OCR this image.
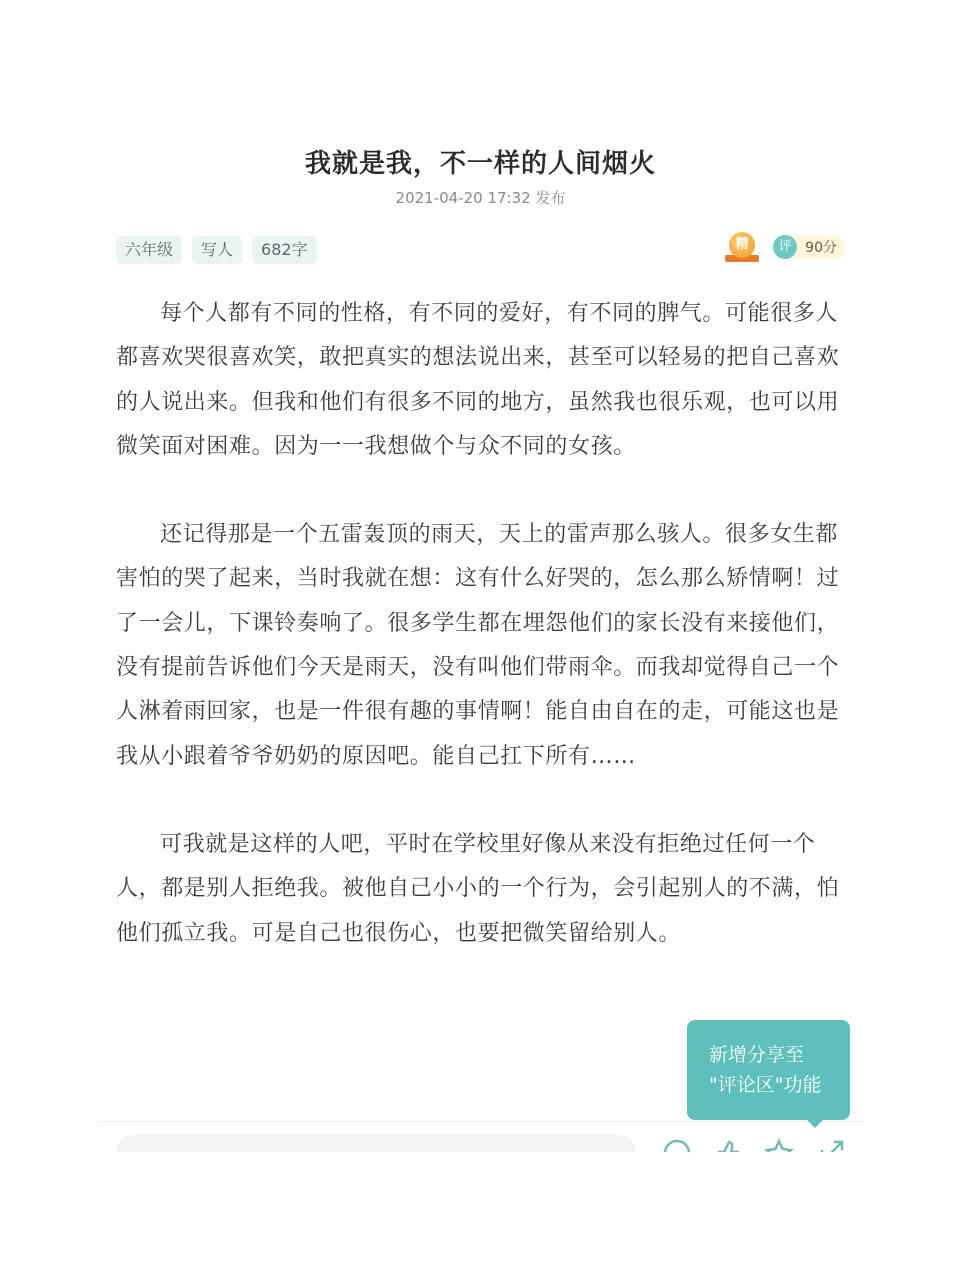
我就是我，不一样的人间烟火
2021-04-20 17:32 发布
六年级	写人	682字	精	评 90分

每个人都有不同的性格，有不同的爱好，有不同的脾气。可能很多人都喜欢哭很喜欢笑，敢把真实的想法说出来，甚至可以轻易的把自己喜欢的人说出来。但我和他们有很多不同的地方，虽然我也很乐观，也可以用微笑面对困难。因为一一我想做个与众不同的女孩。

还记得那是一个五雷轰顶的雨天，天上的雷声那么骇人。很多女生都害怕的哭了起来，当时我就在想：这有什么好哭的，怎么那么矫情啊！过了一会儿，下课铃奏响了。很多学生都在埋怨他们的家长没有来接他们，没有提前告诉他们今天是雨天，没有叫他们带雨伞。而我却觉得自己一个人淋着雨回家，也是一件很有趣的事情啊！能自由自在的走，可能这也是我从小跟着爷爷奶奶的原因吧。能自己扛下所有……

可我就是这样的人吧，平时在学校里好像从来没有拒绝过任何一个人，都是别人拒绝我。被他自己小小的一个行为，会引起别人的不满，怕他们孤立我。可是自己也很伤心，也要把微笑留给别人。

新增分享至
"评论区"功能
